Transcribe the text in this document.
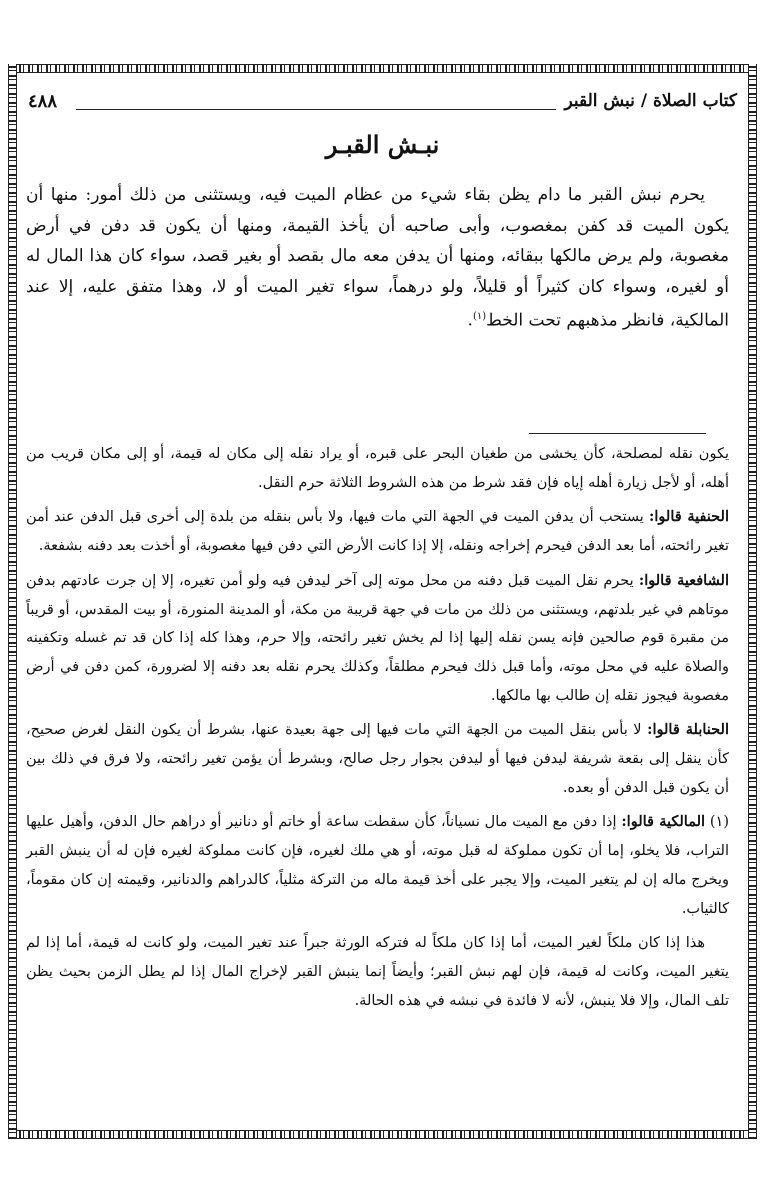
٤٨٨	كتاب الصلاة / نبش القبر
نبـش القبـر

يحرم نبش القبر ما دام يظن بقاء شيء من عظام الميت فيه، ويستثنى من ذلك أمور: منها أن يكون الميت قد كفن بمغصوب، وأبى صاحبه أن يأخذ القيمة، ومنها أن يكون قد دفن في أرض مغصوبة، ولم يرض مالكها ببقائه، ومنها أن يدفن معه مال بقصد أو بغير قصد، سواء كان هذا المال له أو لغيره، وسواء كان كثيراً أو قليلاً، ولو درهماً، سواء تغير الميت أو لا، وهذا متفق عليه، إلا عند المالكية، فانظر مذهبهم تحت الخط$^{(١)}$.

يكون نقله لمصلحة، كأن يخشى من طغيان البحر على قبره، أو يراد نقله إلى مكان له قيمة، أو إلى مكان قريب من أهله، أو لأجل زيارة أهله إياه فإن فقد شرط من هذه الشروط الثلاثة حرم النقل.

الحنفية قالوا: يستحب أن يدفن الميت في الجهة التي مات فيها، ولا بأس بنقله من بلدة إلى أخرى قبل الدفن عند أمن تغير رائحته، أما بعد الدفن فيحرم إخراجه ونقله، إلا إذا كانت الأرض التي دفن فيها مغصوبة، أو أخذت بعد دفنه بشفعة.

الشافعية قالوا: يحرم نقل الميت قبل دفنه من محل موته إلى آخر ليدفن فيه ولو أمن تغيره، إلا إن جرت عادتهم بدفن موتاهم في غير بلدتهم، ويستثنى من ذلك من مات في جهة قريبة من مكة، أو المدينة المنورة، أو بيت المقدس، أو قريباً من مقبرة قوم صالحين فإنه يسن نقله إليها إذا لم يخش تغير رائحته، وإلا حرم، وهذا كله إذا كان قد تم غسله وتكفينه والصلاة عليه في محل موته، وأما قبل ذلك فيحرم مطلقاً، وكذلك يحرم نقله بعد دفنه إلا لضرورة، كمن دفن في أرض مغصوبة فيجوز نقله إن طالب بها مالكها.

الحنابلة قالوا: لا بأس بنقل الميت من الجهة التي مات فيها إلى جهة بعيدة عنها، بشرط أن يكون النقل لغرض صحيح، كأن ينقل إلى بقعة شريفة ليدفن فيها أو ليدفن بجوار رجل صالح، وبشرط أن يؤمن تغير رائحته، ولا فرق في ذلك بين أن يكون قبل الدفن أو بعده.

(١) المالكية قالوا: إذا دفن مع الميت مال نسياناً، كأن سقطت ساعة أو خاتم أو دنانير أو دراهم حال الدفن، وأهيل عليها التراب، فلا يخلو، إما أن تكون مملوكة له قبل موته، أو هي ملك لغيره، فإن كانت مملوكة لغيره فإن له أن ينبش القبر ويخرج ماله إن لم يتغير الميت، وإلا يجبر على أخذ قيمة ماله من التركة مثلياً، كالدراهم والدنانير، وقيمته إن كان مقوماً، كالثياب.

هذا إذا كان ملكاً لغير الميت، أما إذا كان ملكاً له فتركه الورثة جبراً عند تغير الميت، ولو كانت له قيمة، أما إذا لم يتغير الميت، وكانت له قيمة، فإن لهم نبش القبر؛ وأيضاً إنما ينبش القبر لإخراج المال إذا لم يطل الزمن بحيث يظن تلف المال، وإلا فلا ينبش، لأنه لا فائدة في نبشه في هذه الحالة.
